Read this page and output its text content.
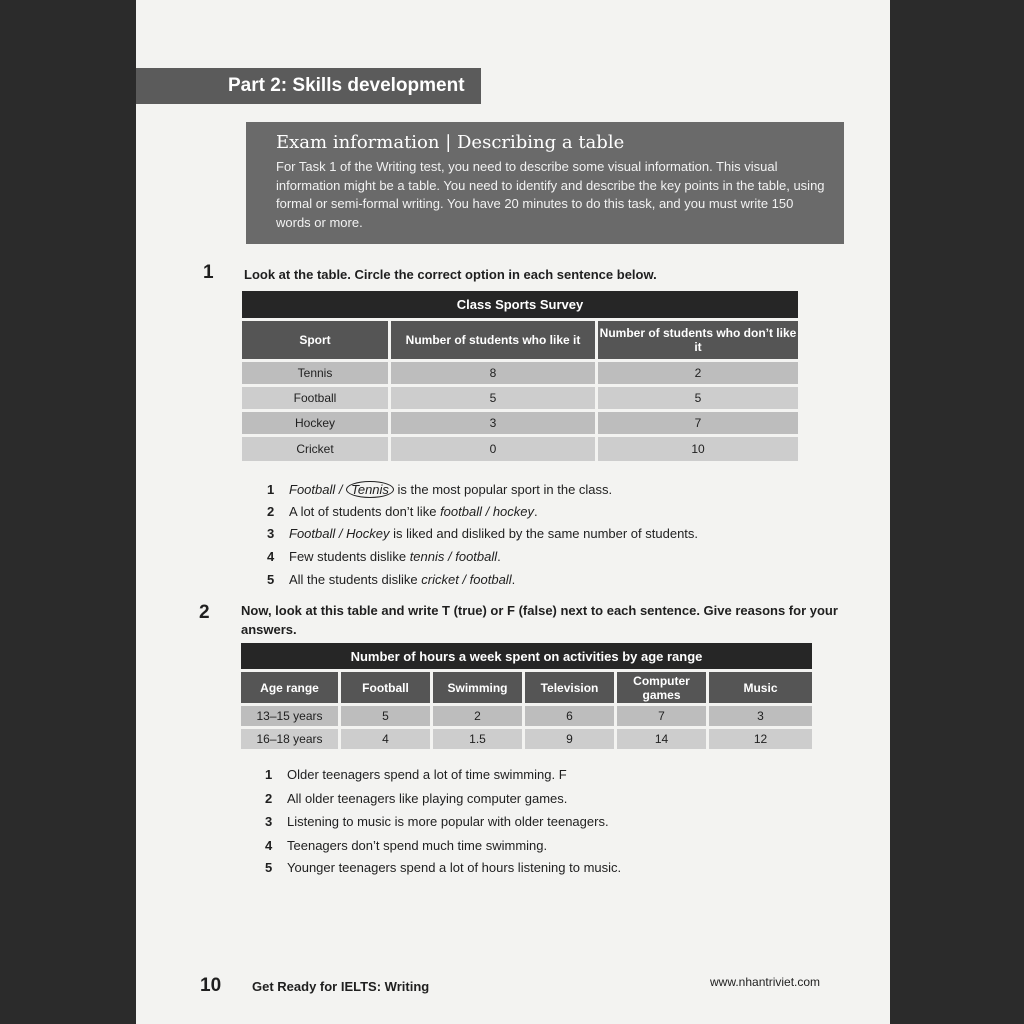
Part 2: Skills development
Exam information | Describing a table
For Task 1 of the Writing test, you need to describe some visual information. This visual information might be a table. You need to identify and describe the key points in the table, using formal or semi-formal writing. You have 20 minutes to do this task, and you must write 150 words or more.
1 Look at the table. Circle the correct option in each sentence below.
Class Sports Survey		
Sport	Number of students who like it	Number of students who don’t like it
Tennis	8	2
Football	5	5
Hockey	3	7
Cricket	0	10
1 Football / Tennis is the most popular sport in the class.
2 A lot of students don’t like football / hockey.
3 Football / Hockey is liked and disliked by the same number of students.
4 Few students dislike tennis / football.
5 All the students dislike cricket / football.
2 Now, look at this table and write T (true) or F (false) next to each sentence. Give reasons for your answers.
Number of hours a week spent on activities by age range					
Age range	Football	Swimming	Television	Computer games	Music
13–15 years	5	2	6	7	3
16–18 years	4	1.5	9	14	12
1 Older teenagers spend a lot of time swimming. F
2 All older teenagers like playing computer games.
3 Listening to music is more popular with older teenagers.
4 Teenagers don’t spend much time swimming.
5 Younger teenagers spend a lot of hours listening to music.
10 Get Ready for IELTS: Writing	www.nhantriviet.com
